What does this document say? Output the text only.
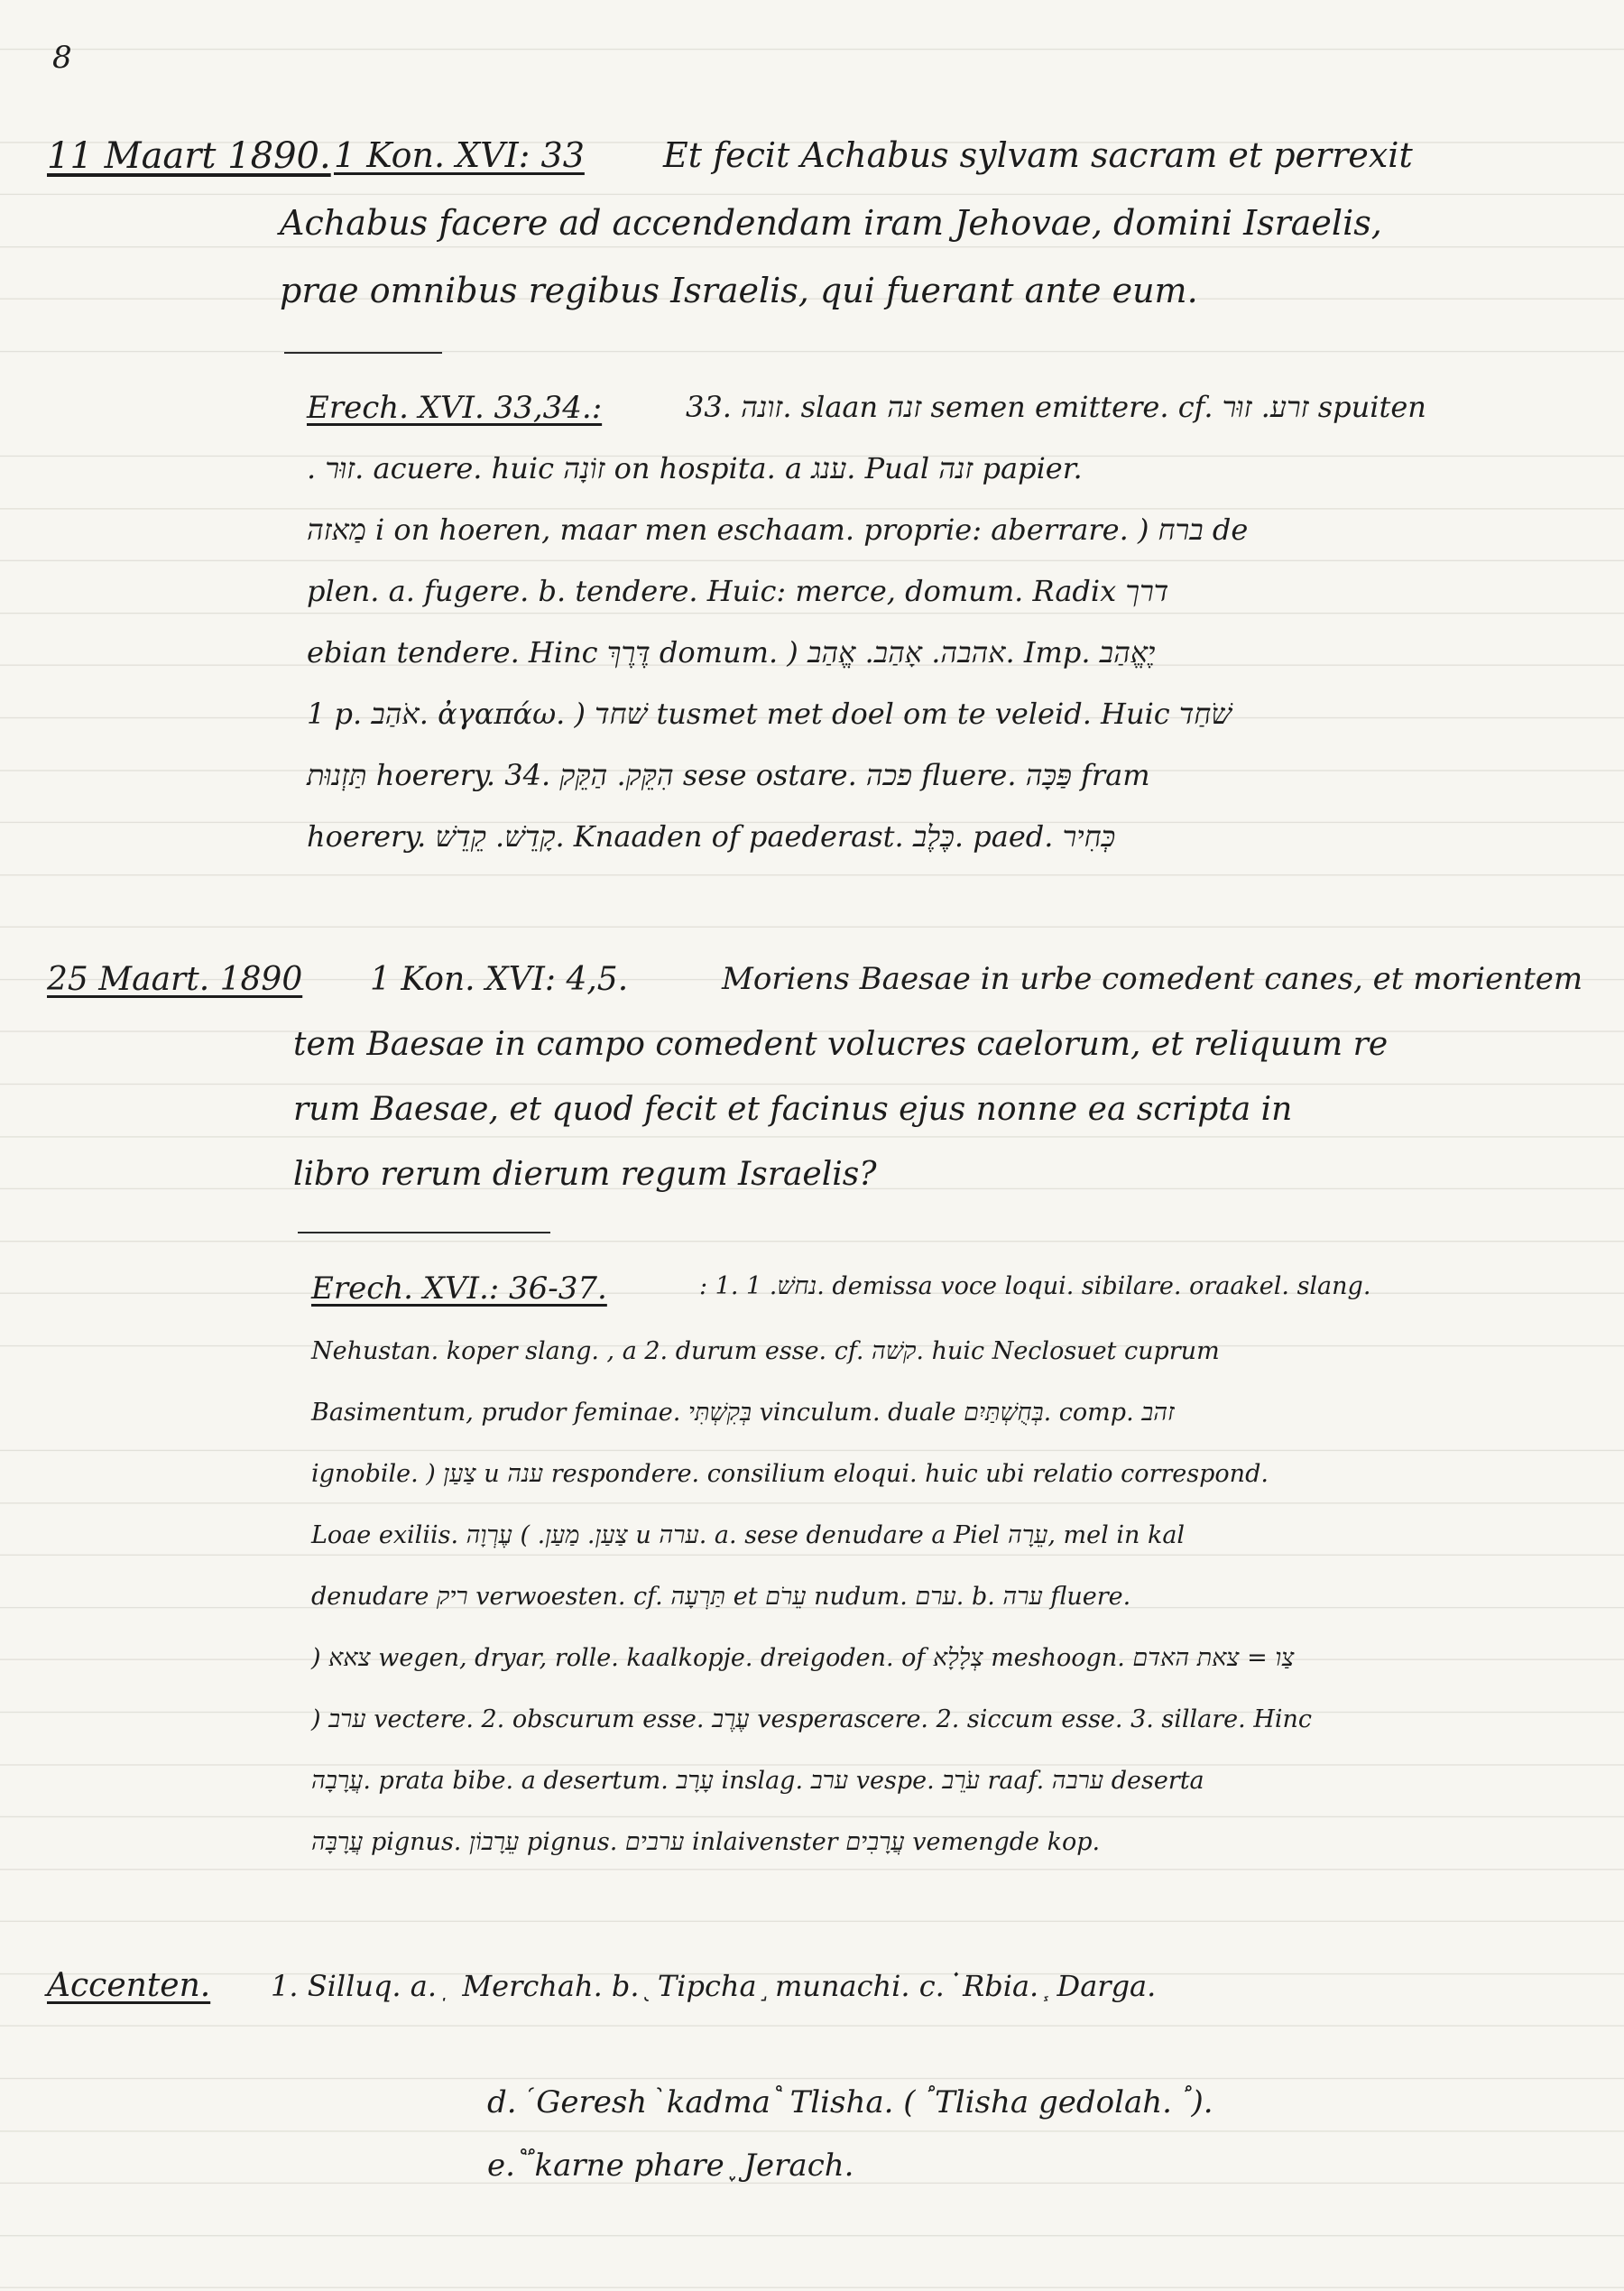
8
11 Maart 1890. 1 Kon. XVI: 33 Et fecit Achabus sylvam sacram et perrexit
Achabus facere ad accendendam iram Jehovae, domini Israelis,
prae omnibus regibus Israelis, qui fuerant ante eum.
Erech. XVI. 33,34.:	33. זונה. slaan זנה semen emittere. cf. זרע. זוּר spuiten
. זוּר. acuere. huic זוֹנָה on hospita. a ענג. Pual זנה papier.
מַאזה i on hoeren, maar men eschaam. proprie: aberrare. ) ברח de
plen. a. fugere. b. tendere. Huic: merce, domum. Radix דרך
ebian tendere. Hinc דֶּרֶךְ domum. ) אהבה. אָהַב. אֱהַב. Imp. יֶאֱהַב
1 p. אֹהַב. ἀγαπάω. ) שׁחד tusmet met doel om te veleid. Huic שֹׁחַד
תַּזְנוּת hoerery. 34. הִקֵּק. הַקֵּק sese ostare. פכה fluere. פַּכָּה fram
hoerery. קָדֵשׁ. קֵדֵשׁ. Knaaden of paederast. כֶּלֶב. paed. כְּחִיר
25 Maart. 1890 1 Kon. XVI: 4,5.	Moriens Baesae in urbe comedent canes, et morientem
tem Baesae in campo comedent volucres caelorum, et reliquum re
rum Baesae, et quod fecit et facinus ejus nonne ea scripta in
libro rerum dierum regum Israelis?
Erech. XVI.: 36-37.	: 1. נחשׁ. 1. demissa voce loqui. sibilare. oraakel. slang.
Nehustan. koper slang. , a 2. durum esse. cf. קשׁה. huic Neclosuet cuprum
Basimentum, prudor feminae. בְּקִשְׁתִּי vinculum. duale בְּחֻשְׁתַּיִם. comp. זהב
ignobile. ) צַעַן u ענה respondere. consilium eloqui. huic ubi relatio correspond.
Loae exiliis. צַעַן. מַעַן. ) עֶרְוָה u ערה. a. sese denudare a Piel עֵרָה, mel in kal
denudare ריק verwoesten. cf. תַּרְעָה et עֵרֹם nudum. ערם. b. ערה fluere.
) צאא wegen, dryar, rolle. kaalkopje. dreigoden. of צְלָלָא meshoogn. צַו = צאת האדם
) ערב vectere. 2. obscurum esse. עֶרֶב vesperascere. 2. siccum esse. 3. sillare. Hinc
עֲרָבָה. prata bibe. a desertum. עָרָב inslag. ערב vespe. עֹרֵב raaf. ערבה deserta
עֲרָבָּה pignus. עֵרָבוֹן pignus. ערבים inlaivenster עֲרָבִים vemengde kop.
Accenten. 1. Silluq. a. ֽ ֽ Merchah. b. ֖ Tipcha ֣ munachi. c. ֗ Rbia. ֧ Darga.
d. ֜ Geresh ֨ kadma ֩ Tlisha. ( ֠ Tlisha gedolah. ֠ ).
e. ֟ karne phare ֪ Jerach.
